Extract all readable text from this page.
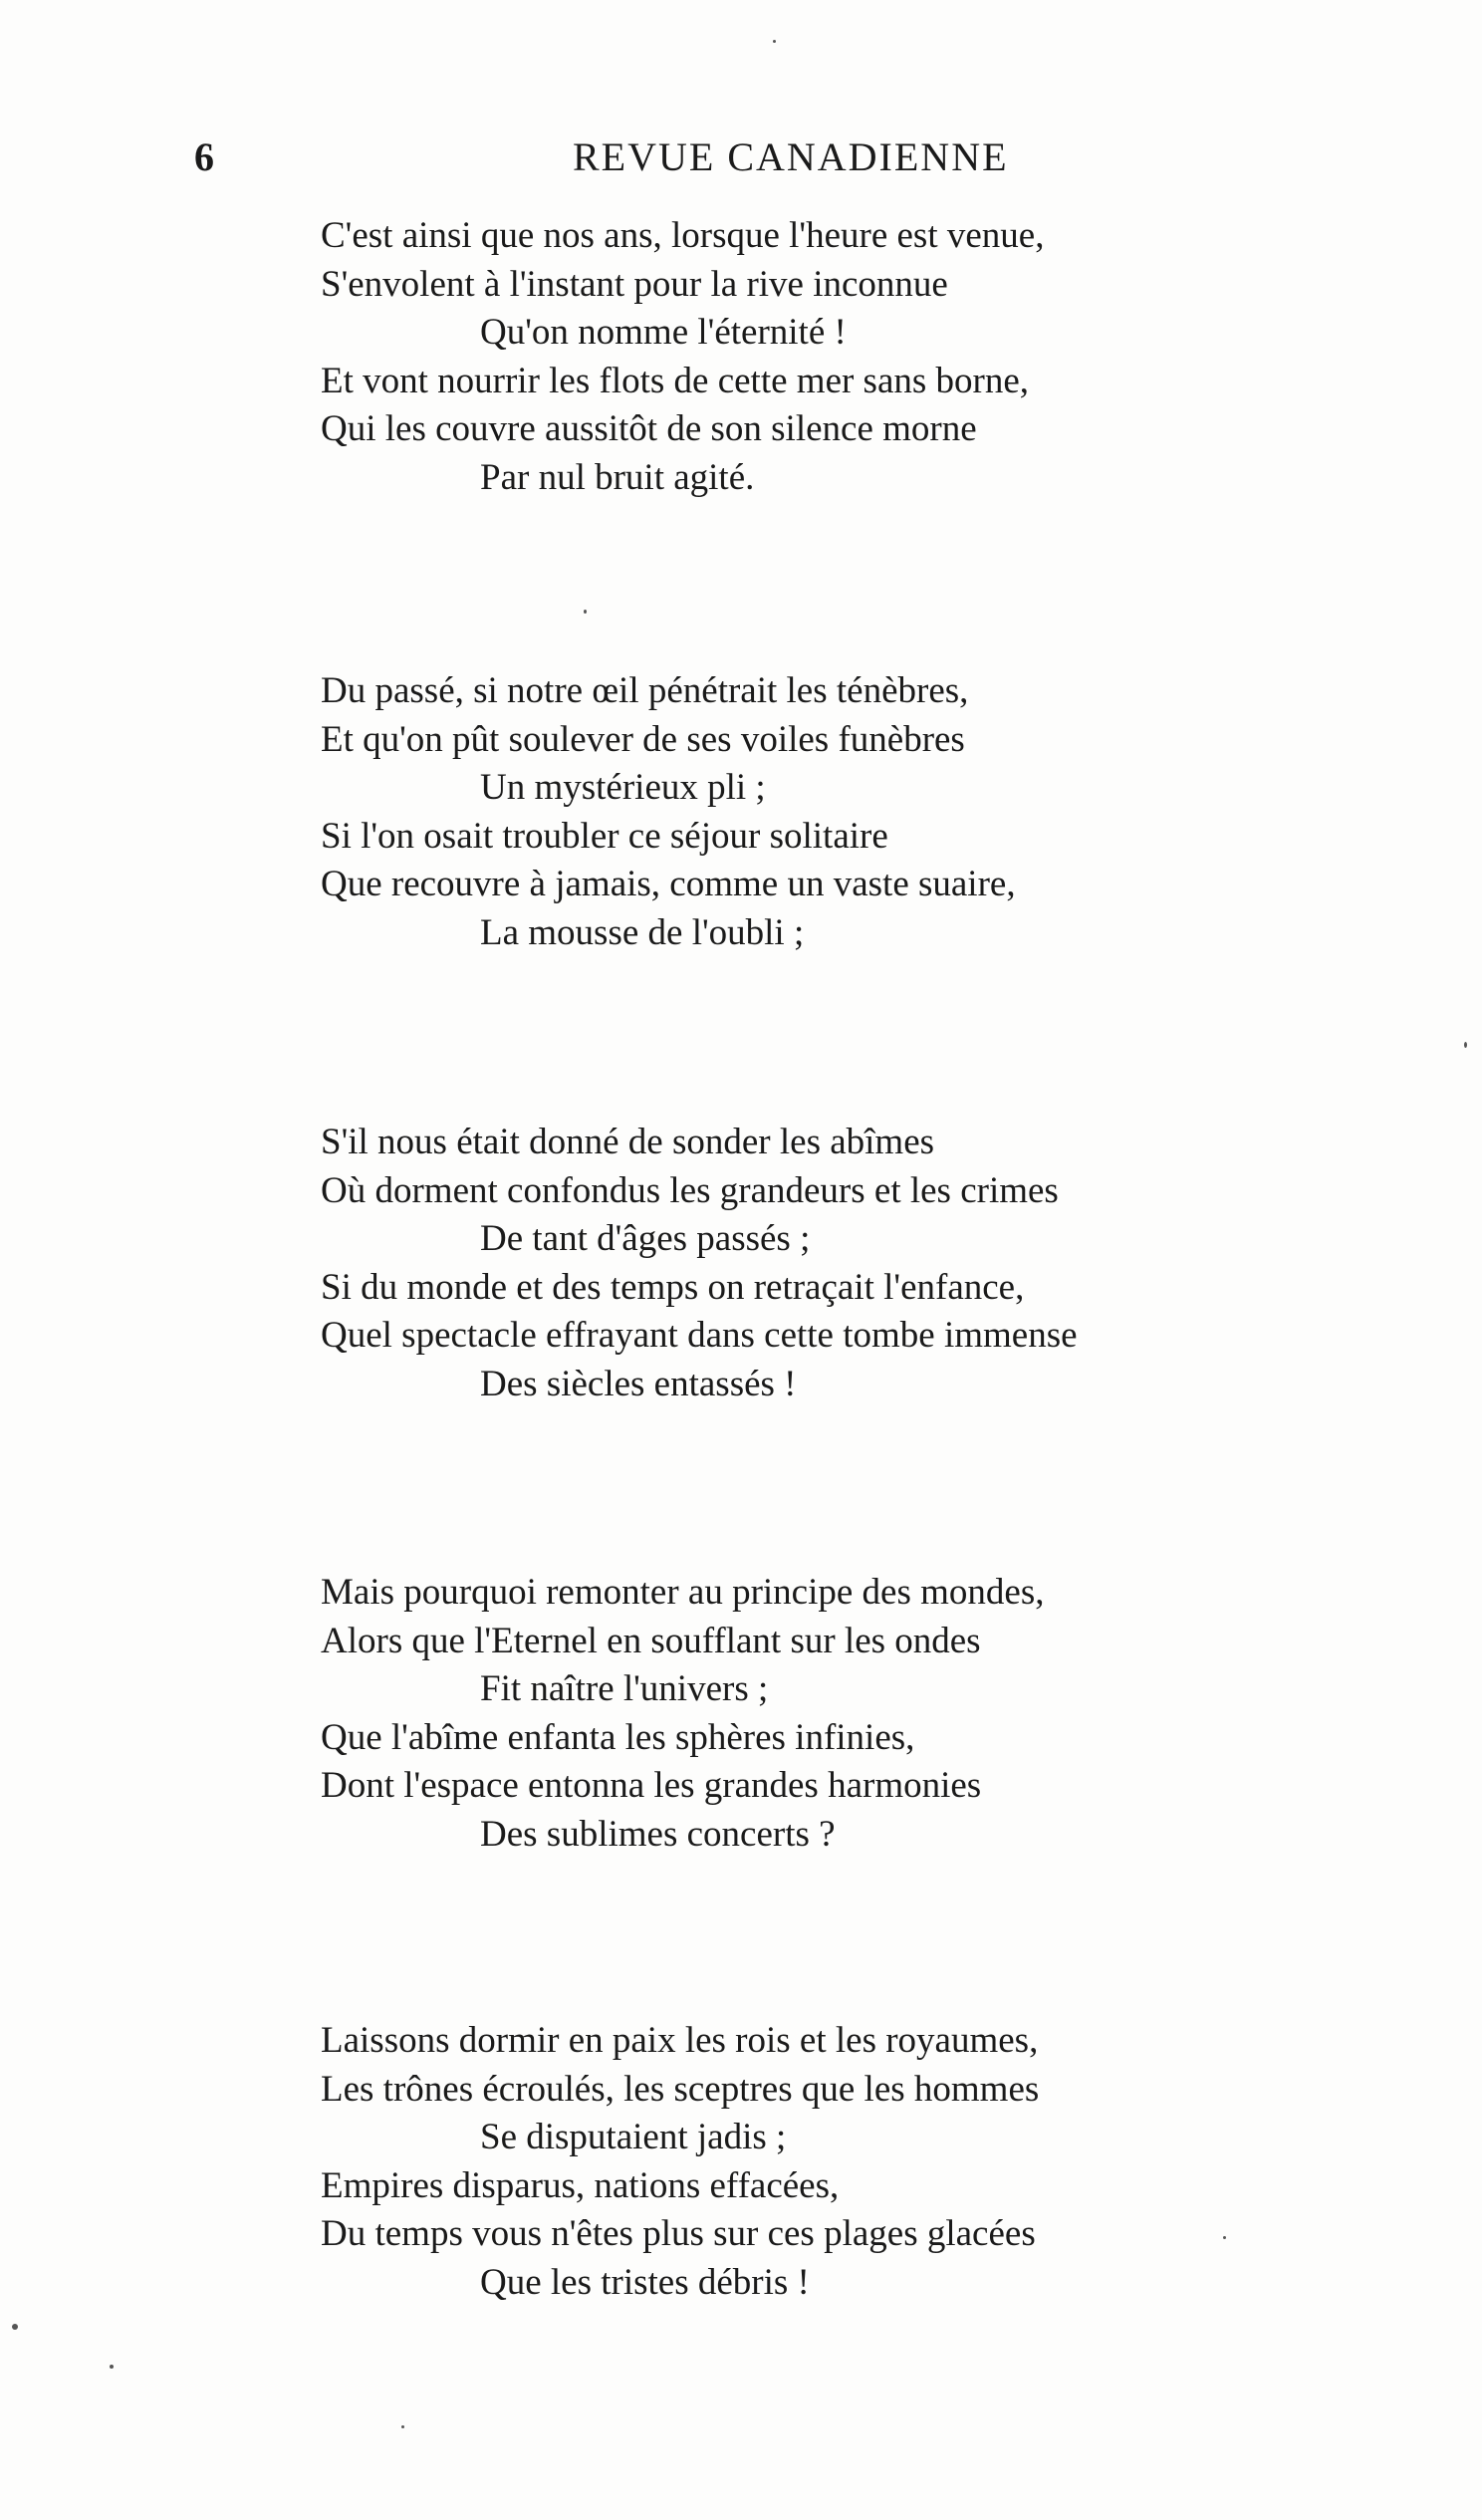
6	REVUE CANADIENNE
C'est ainsi que nos ans, lorsque l'heure est venue,
S'envolent à l'instant pour la rive inconnue
Qu'on nomme l'éternité !
Et vont nourrir les flots de cette mer sans borne,
Qui les couvre aussitôt de son silence morne
Par nul bruit agité.
Du passé, si notre œil pénétrait les ténèbres,
Et qu'on pût soulever de ses voiles funèbres
Un mystérieux pli ;
Si l'on osait troubler ce séjour solitaire
Que recouvre à jamais, comme un vaste suaire,
La mousse de l'oubli ;
S'il nous était donné de sonder les abîmes
Où dorment confondus les grandeurs et les crimes
De tant d'âges passés ;
Si du monde et des temps on retraçait l'enfance,
Quel spectacle effrayant dans cette tombe immense
Des siècles entassés !
Mais pourquoi remonter au principe des mondes,
Alors que l'Eternel en soufflant sur les ondes
Fit naître l'univers ;
Que l'abîme enfanta les sphères infinies,
Dont l'espace entonna les grandes harmonies
Des sublimes concerts ?
Laissons dormir en paix les rois et les royaumes,
Les trônes écroulés, les sceptres que les hommes
Se disputaient jadis ;
Empires disparus, nations effacées,
Du temps vous n'êtes plus sur ces plages glacées
Que les tristes débris !
